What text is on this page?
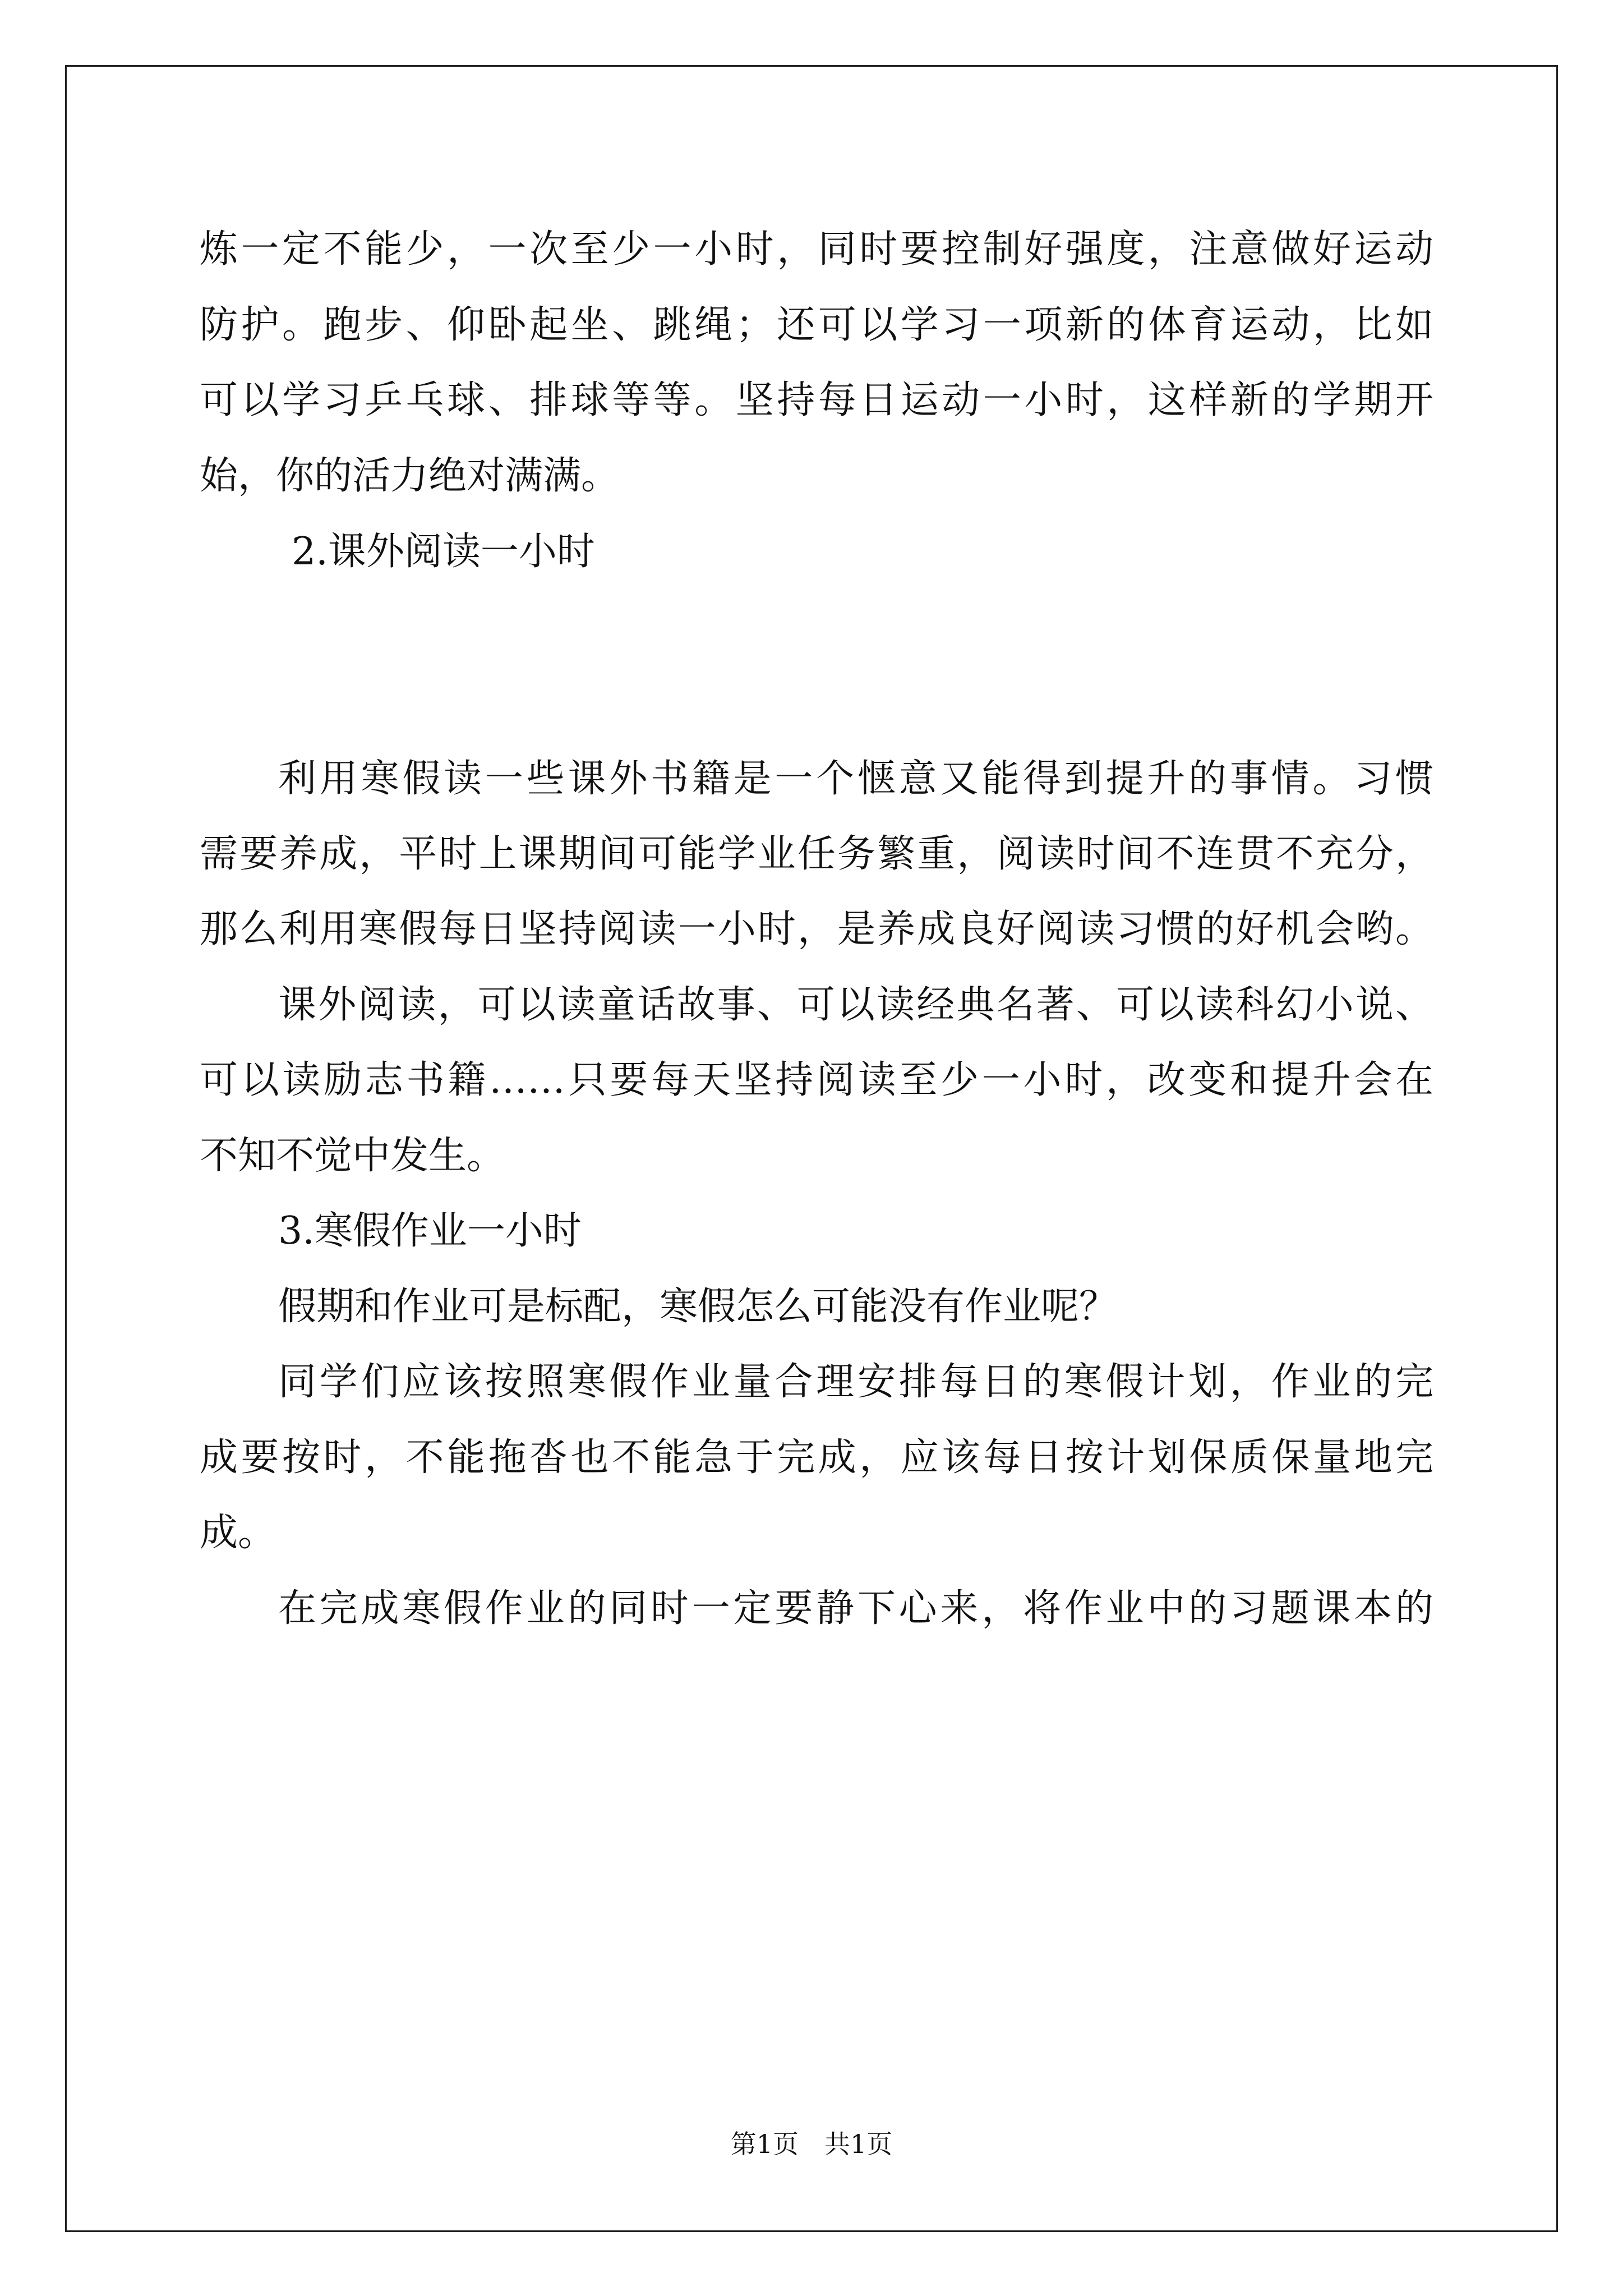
炼一定不能少，一次至少一小时，同时要控制好强度，注意做好运动
防护。跑步、仰卧起坐、跳绳；还可以学习一项新的体育运动，比如
可以学习乒乓球、排球等等。坚持每日运动一小时，这样新的学期开
始，你的活力绝对满满。
2.课外阅读一小时
利用寒假读一些课外书籍是一个惬意又能得到提升的事情。习惯
需要养成，平时上课期间可能学业任务繁重，阅读时间不连贯不充分，
那么利用寒假每日坚持阅读一小时，是养成良好阅读习惯的好机会哟。
课外阅读，可以读童话故事、可以读经典名著、可以读科幻小说、
可以读励志书籍……只要每天坚持阅读至少一小时，改变和提升会在
不知不觉中发生。
3.寒假作业一小时
假期和作业可是标配，寒假怎么可能没有作业呢？
同学们应该按照寒假作业量合理安排每日的寒假计划，作业的完
成要按时，不能拖沓也不能急于完成，应该每日按计划保质保量地完
成。
在完成寒假作业的同时一定要静下心来，将作业中的习题课本的
第1页　共1页
